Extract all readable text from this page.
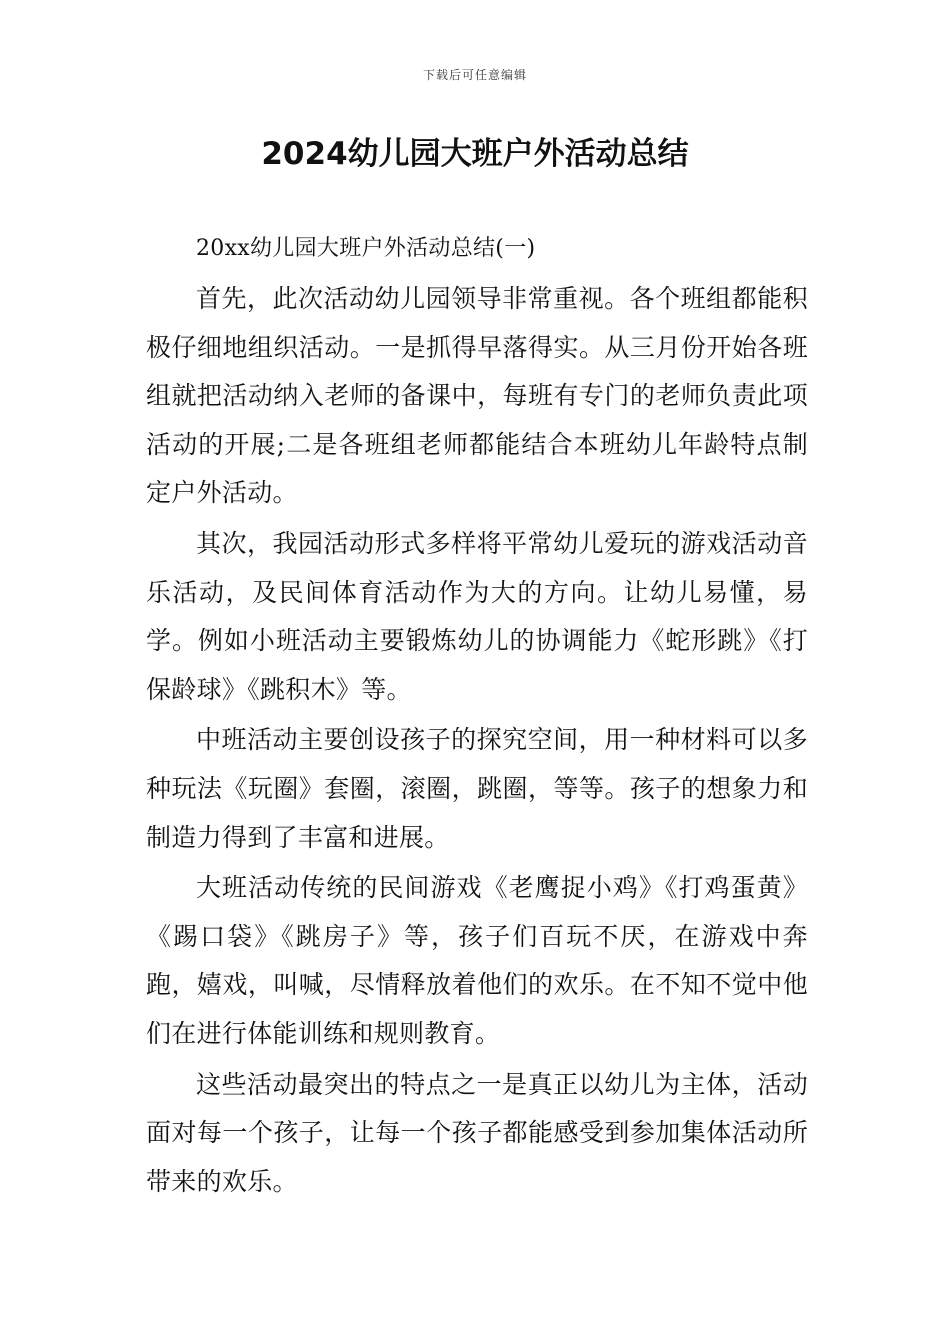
下载后可任意编辑
2024幼儿园大班户外活动总结

20xx幼儿园大班户外活动总结(一)

首先，此次活动幼儿园领导非常重视。各个班组都能积极仔细地组织活动。一是抓得早落得实。从三月份开始各班组就把活动纳入老师的备课中，每班有专门的老师负责此项活动的开展;二是各班组老师都能结合本班幼儿年龄特点制定户外活动。

其次，我园活动形式多样将平常幼儿爱玩的游戏活动音乐活动，及民间体育活动作为大的方向。让幼儿易懂，易学。例如小班活动主要锻炼幼儿的协调能力《蛇形跳》《打保龄球》《跳积木》等。

中班活动主要创设孩子的探究空间，用一种材料可以多种玩法《玩圈》套圈，滚圈，跳圈，等等。孩子的想象力和制造力得到了丰富和进展。

大班活动传统的民间游戏《老鹰捉小鸡》《打鸡蛋黄》《踢口袋》《跳房子》等，孩子们百玩不厌，在游戏中奔跑，嬉戏，叫喊，尽情释放着他们的欢乐。在不知不觉中他们在进行体能训练和规则教育。

这些活动最突出的特点之一是真正以幼儿为主体，活动面对每一个孩子，让每一个孩子都能感受到参加集体活动所带来的欢乐。
